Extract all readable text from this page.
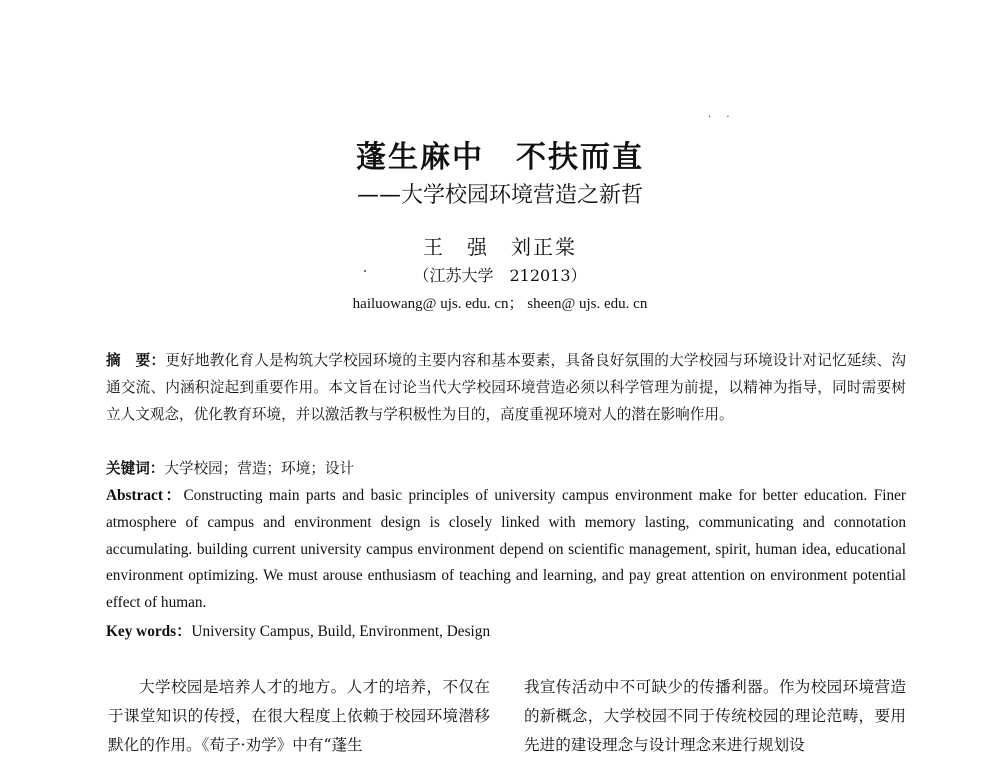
· ·
蓬生麻中　不扶而直
——大学校园环境营造之新哲
王　强　刘正棠
（江苏大学　212013）
hailuowang@ ujs. edu. cn； sheen@ ujs. edu. cn
摘　要：更好地教化育人是构筑大学校园环境的主要内容和基本要素，具备良好氛围的大学校园与环境设计对记忆延续、沟通交流、内涵积淀起到重要作用。本文旨在讨论当代大学校园环境营造必须以科学管理为前提，以精神为指导，同时需要树立人文观念，优化教育环境，并以激活教与学积极性为目的，高度重视环境对人的潜在影响作用。
关键词：大学校园；营造；环境；设计
Abstract：Constructing main parts and basic principles of university campus environment make for better education. Finer atmosphere of campus and environment design is closely linked with memory lasting, communicating and connotation accumulating. building current university campus environment depend on scientific management, spirit, human idea, educational environment optimizing. We must arouse enthusiasm of teaching and learning, and pay great attention on environment potential effect of human.
Key words：University Campus, Build, Environment, Design
大学校园是培养人才的地方。人才的培养，不仅在于课堂知识的传授，在很大程度上依赖于校园环境潜移默化的作用。《荀子·劝学》中有“蓬生
我宣传活动中不可缺少的传播利器。作为校园环境营造的新概念，大学校园不同于传统校园的理论范畴，要用先进的建设理念与设计理念来进行规划设
